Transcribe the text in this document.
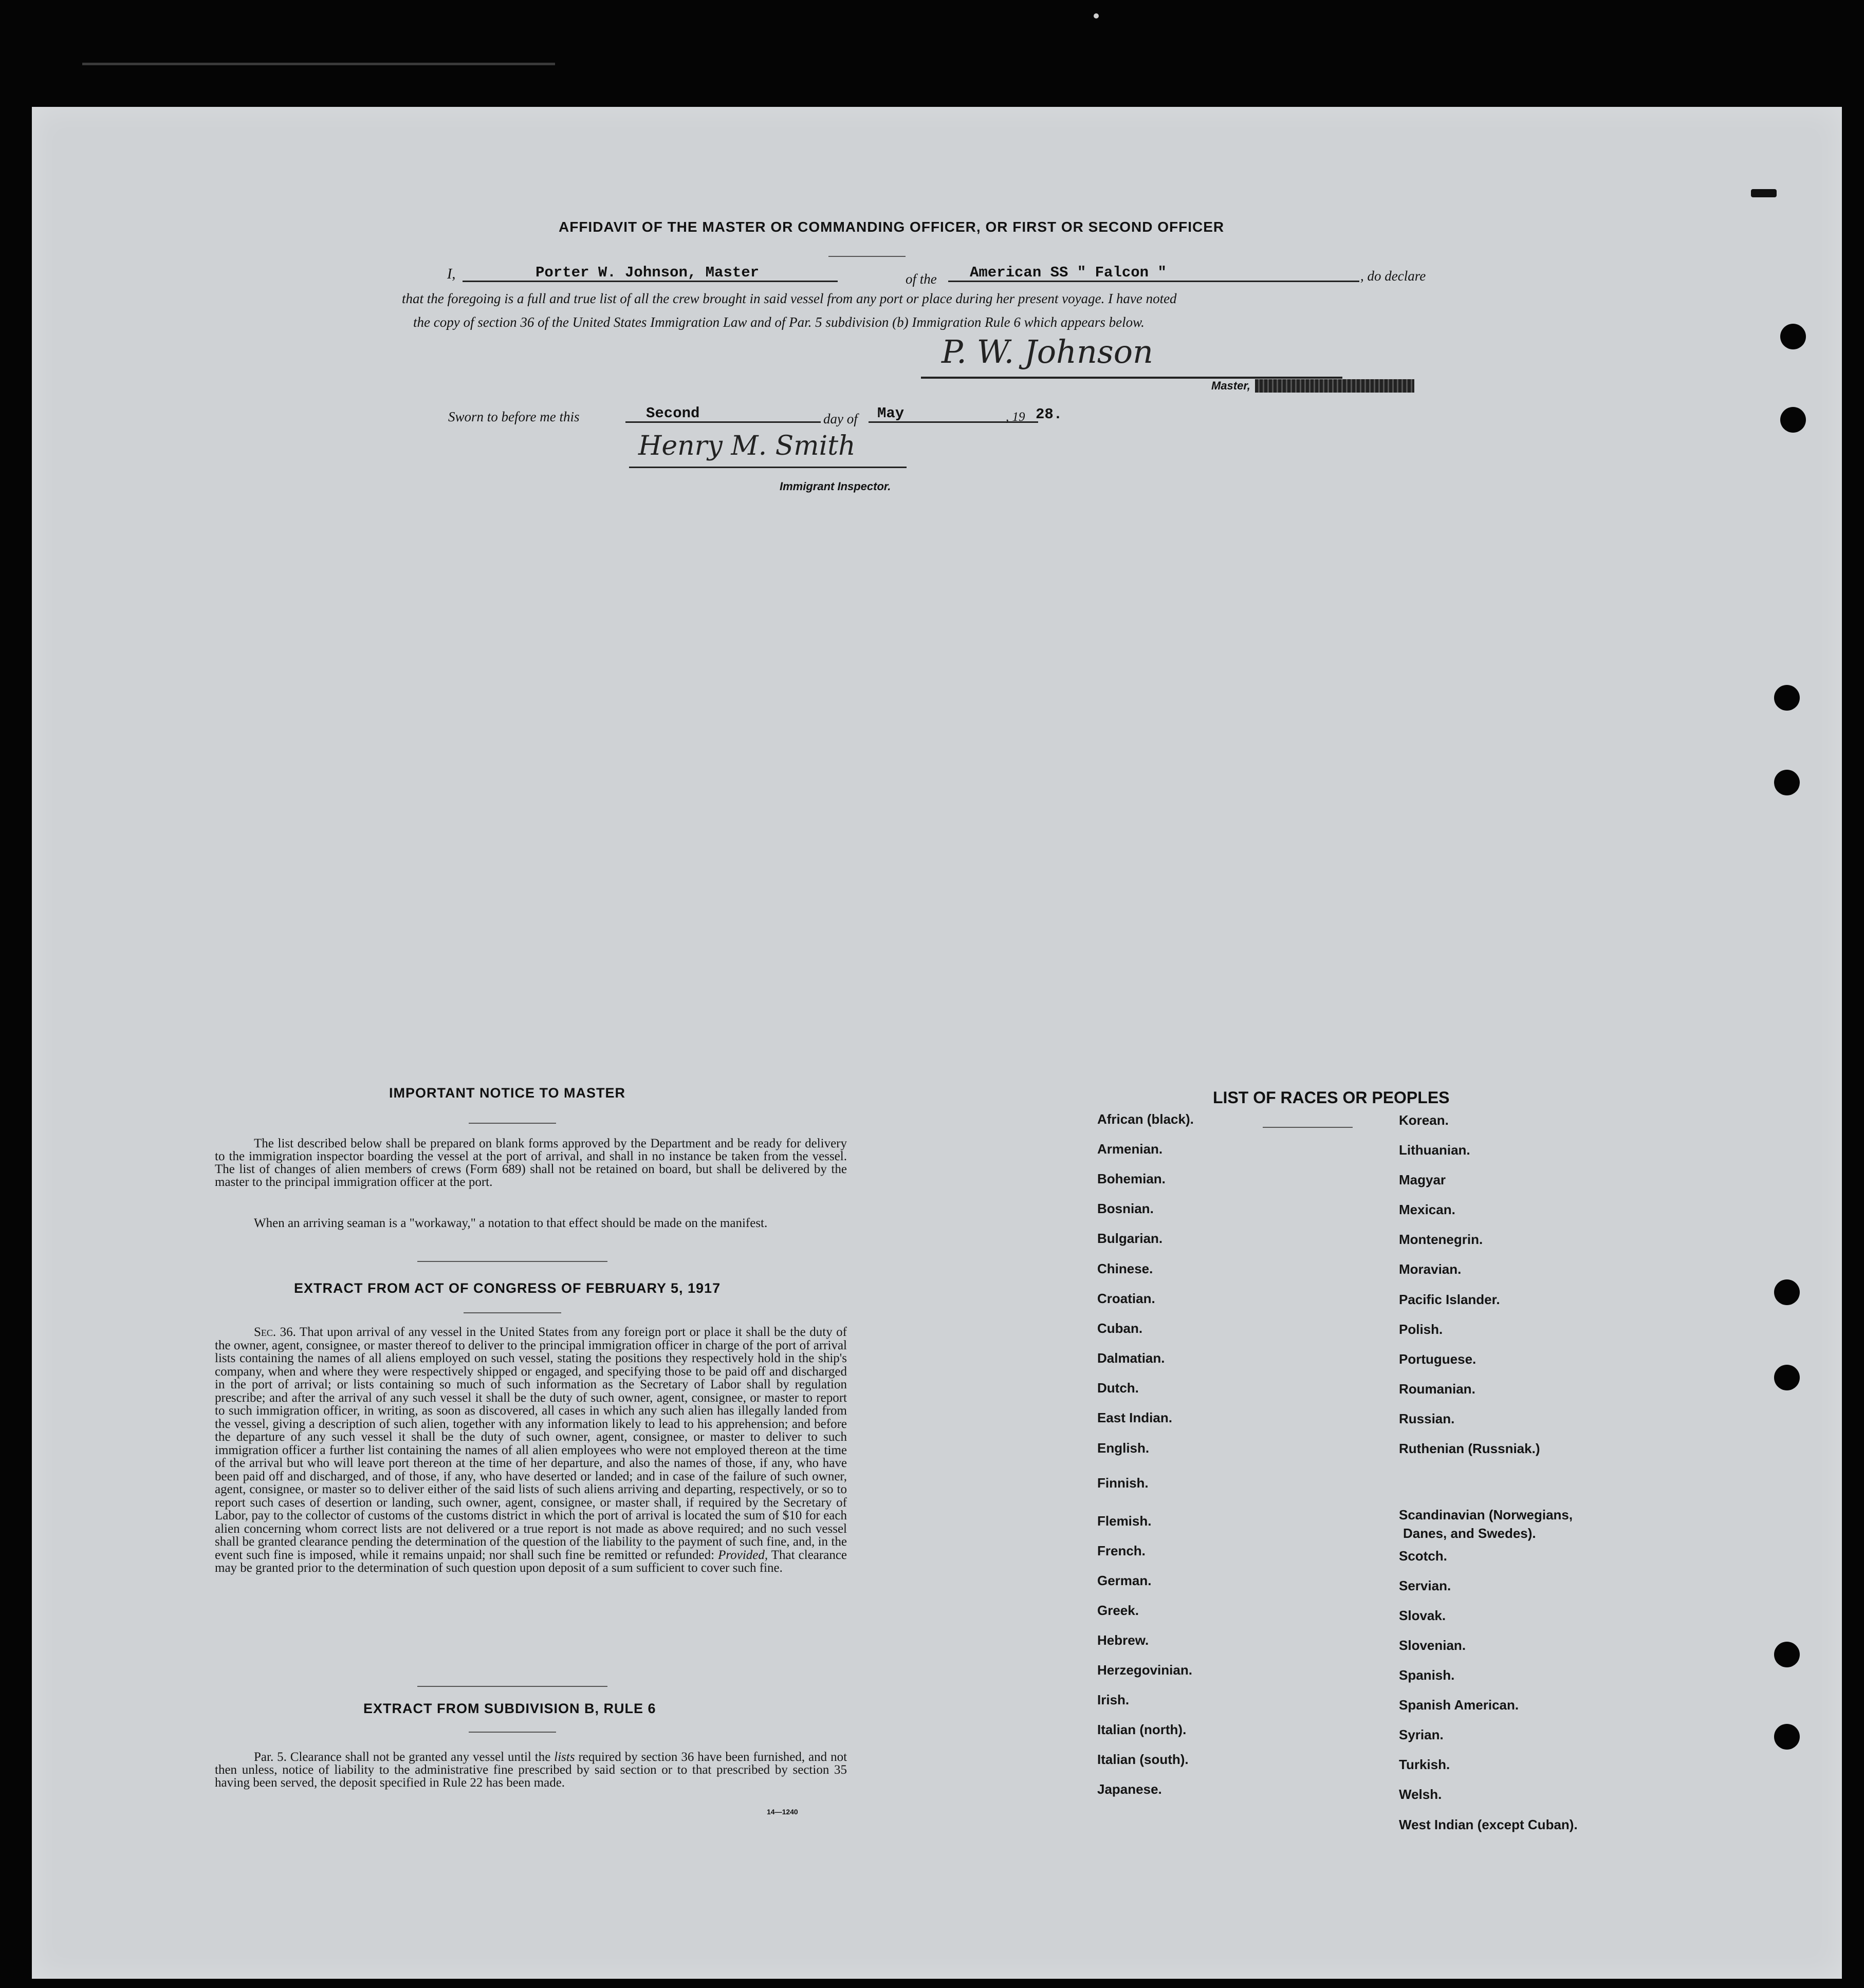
AFFIDAVIT OF THE MASTER OR COMMANDING OFFICER, OR FIRST OR SECOND OFFICER
I,	Porter W. Johnson, Master	of the American SS " Falcon "	, do declare
that the foregoing is a full and true list of all the crew brought in said vessel from any port or place during her present voyage. I have noted
the copy of section 36 of the United States Immigration Law and of Par. 5 subdivision (b) Immigration Rule 6 which appears below.
P. W. Johnson
Master,
Sworn to before me this	Second	day of May	, 19 28.
Henry M. Smith
Immigrant Inspector.
IMPORTANT NOTICE TO MASTER

The list described below shall be prepared on blank forms approved by the Department and be ready for delivery to the immigration inspector boarding the vessel at the port of arrival, and shall in no instance be taken from the vessel. The list of changes of alien members of crews (Form 689) shall not be retained on board, but shall be delivered by the master to the principal immigration officer at the port.

When an arriving seaman is a "workaway," a notation to that effect should be made on the manifest.

EXTRACT FROM ACT OF CONGRESS OF FEBRUARY 5, 1917

Sec. 36. That upon arrival of any vessel in the United States from any foreign port or place it shall be the duty of the owner, agent, consignee, or master thereof to deliver to the principal immigration officer in charge of the port of arrival lists containing the names of all aliens employed on such vessel, stating the positions they respectively hold in the ship's company, when and where they were respectively shipped or engaged, and specifying those to be paid off and discharged in the port of arrival; or lists containing so much of such information as the Secretary of Labor shall by regulation prescribe; and after the arrival of any such vessel it shall be the duty of such owner, agent, consignee, or master to report to such immigration officer, in writing, as soon as discovered, all cases in which any such alien has illegally landed from the vessel, giving a description of such alien, together with any information likely to lead to his apprehension; and before the departure of any such vessel it shall be the duty of such owner, agent, consignee, or master to deliver to such immigration officer a further list containing the names of all alien employees who were not employed thereon at the time of the arrival but who will leave port thereon at the time of her departure, and also the names of those, if any, who have been paid off and discharged, and of those, if any, who have deserted or landed; and in case of the failure of such owner, agent, consignee, or master so to deliver either of the said lists of such aliens arriving and departing, respectively, or so to report such cases of desertion or landing, such owner, agent, consignee, or master shall, if required by the Secretary of Labor, pay to the collector of customs of the customs district in which the port of arrival is located the sum of $10 for each alien concerning whom correct lists are not delivered or a true report is not made as above required; and no such vessel shall be granted clearance pending the determination of the question of the liability to the payment of such fine, and, in the event such fine is imposed, while it remains unpaid; nor shall such fine be remitted or refunded: Provided, That clearance may be granted prior to the determination of such question upon deposit of a sum sufficient to cover such fine.

EXTRACT FROM SUBDIVISION B, RULE 6

Par. 5. Clearance shall not be granted any vessel until the lists required by section 36 have been furnished, and not then unless, notice of liability to the administrative fine prescribed by said section or to that prescribed by section 35 having been served, the deposit specified in Rule 22 has been made.

14—1240
LIST OF RACES OR PEOPLES
Danes, and Swedes).
African (black).
Armenian.
Bohemian.
Bosnian.
Bulgarian.
Chinese.
Croatian.
Cuban.
Dalmatian.
Dutch.
East Indian.
English.
Finnish.
Flemish.
French.
German.
Greek.
Hebrew.
Herzegovinian.
Irish.
Italian (north).
Italian (south).
Japanese.
Korean.
Lithuanian.
Magyar
Mexican.
Montenegrin.
Moravian.
Pacific Islander.
Polish.
Portuguese.
Roumanian.
Russian.
Ruthenian (Russniak.)
Scandinavian (Norwegians,
Scotch.
Servian.
Slovak.
Slovenian.
Spanish.
Spanish American.
Syrian.
Turkish.
Welsh.
West Indian (except Cuban).
